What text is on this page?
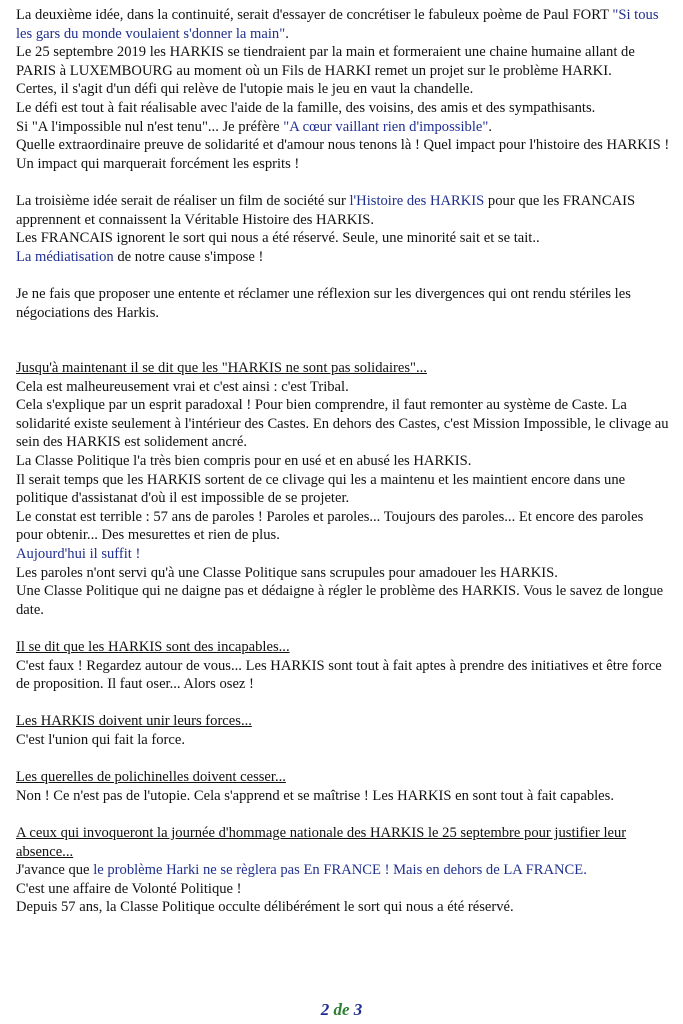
La deuxième idée, dans la continuité, serait d'essayer de concrétiser le fabuleux poème de Paul FORT "Si tous les gars du monde voulaient s'donner la main".

Le 25 septembre 2019 les HARKIS se tiendraient par la main et formeraient une chaine humaine allant de PARIS à LUXEMBOURG au moment où un Fils de HARKI remet un projet sur le problème HARKI.

Certes, il s'agit d'un défi qui relève de l'utopie mais le jeu en vaut la chandelle.

Le défi est tout à fait réalisable avec l'aide de la famille, des voisins, des amis et des sympathisants.

Si "A l'impossible nul n'est tenu"... Je préfère "A cœur vaillant rien d'impossible".

Quelle extraordinaire preuve de solidarité et d'amour nous tenons là ! Quel impact pour l'histoire des HARKIS !

Un impact qui marquerait forcément les esprits !

La troisième idée serait de réaliser un film de société sur l'Histoire des HARKIS pour que les FRANCAIS apprennent et connaissent la Véritable Histoire des HARKIS.

Les FRANCAIS ignorent le sort qui nous a été réservé. Seule, une minorité sait et se tait..

La médiatisation de notre cause s'impose !

Je ne fais que proposer une entente et réclamer une réflexion sur les divergences qui ont rendu stériles les négociations des Harkis.

Jusqu'à maintenant il se dit que les "HARKIS ne sont pas solidaires"...

Cela est malheureusement vrai et c'est ainsi : c'est Tribal.

Cela s'explique par un esprit paradoxal ! Pour bien comprendre, il faut remonter au système de Caste. La solidarité existe seulement à l'intérieur des Castes. En dehors des Castes, c'est Mission Impossible, le clivage au sein des HARKIS est solidement ancré.

La Classe Politique l'a très bien compris pour en usé et en abusé les HARKIS.

Il serait temps que les HARKIS sortent de ce clivage qui les a maintenu et les maintient encore dans une politique d'assistanat d'où il est impossible de se projeter.

Le constat est terrible : 57 ans de paroles ! Paroles et paroles... Toujours des paroles... Et encore des paroles pour obtenir... Des mesurettes et rien de plus.

Aujourd'hui il suffit !

Les paroles n'ont servi qu'à une Classe Politique sans scrupules pour amadouer les HARKIS.

Une Classe Politique qui ne daigne pas et dédaigne à régler le problème des HARKIS. Vous le savez de longue date.

Il se dit que les HARKIS sont des incapables...

C'est faux ! Regardez autour de vous... Les HARKIS sont tout à fait aptes à prendre des initiatives et être force de proposition. Il faut oser... Alors osez !

Les HARKIS doivent unir leurs forces...

C'est l'union qui fait la force.

Les querelles de polichinelles doivent cesser...

Non ! Ce n'est pas de l'utopie. Cela s'apprend et se maîtrise ! Les HARKIS en sont tout à fait capables.

A ceux qui invoqueront la journée d'hommage nationale des HARKIS le 25 septembre pour justifier leur absence...

J'avance que le problème Harki ne se règlera pas En FRANCE ! Mais en dehors de LA FRANCE.

C'est une affaire de Volonté Politique !

Depuis 57 ans, la Classe Politique occulte délibérément le sort qui nous a été réservé.

2 de 3
